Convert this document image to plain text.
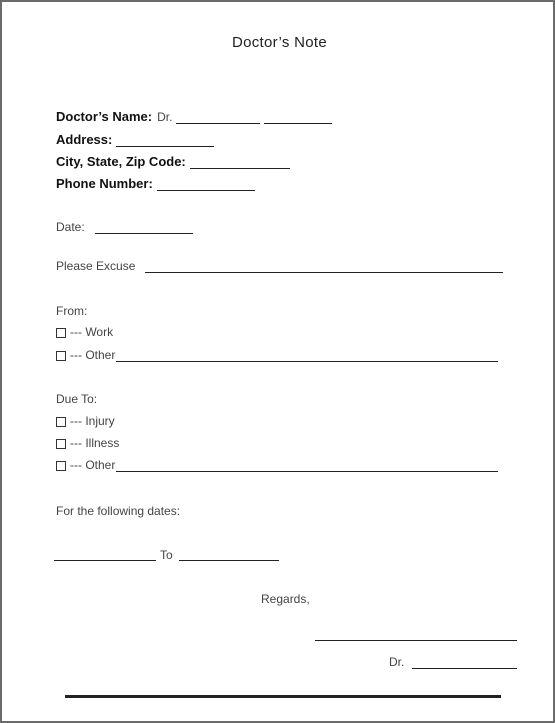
Doctor’s Note
Doctor’s Name: Dr.
Address:
City, State, Zip Code:
Phone Number:
Date:
Please Excuse
From:
--- Work
--- Other
Due To:
--- Injury
--- Illness
--- Other
For the following dates:
To
Regards,
Dr.
